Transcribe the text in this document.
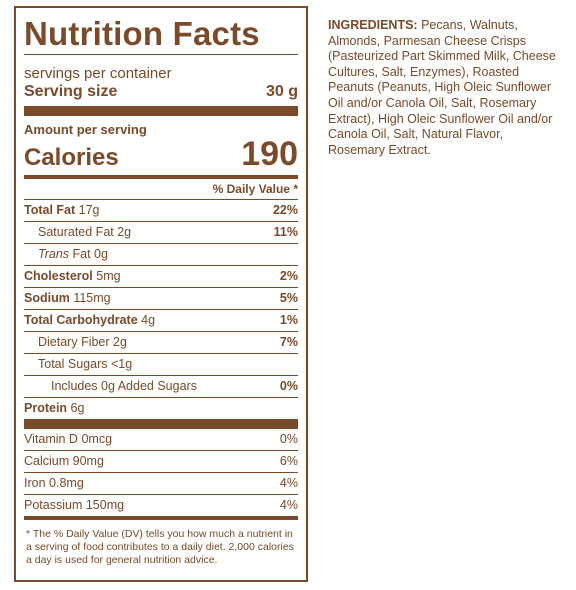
Nutrition Facts
servings per container
Serving size	30 g
Amount per serving
Calories	190
% Daily Value *
Total Fat 17g	22%
Saturated Fat 2g	11%
Trans Fat 0g
Cholesterol 5mg	2%
Sodium 115mg	5%
Total Carbohydrate 4g	1%
Dietary Fiber 2g	7%
Total Sugars <1g
Includes 0g Added Sugars	0%
Protein 6g
Vitamin D 0mcg	0%
Calcium 90mg	6%
Iron 0.8mg	4%
Potassium 150mg	4%
* The % Daily Value (DV) tells you how much a nutrient in a serving of food contributes to a daily diet. 2,000 calories a day is used for general nutrition advice.
INGREDIENTS: Pecans, Walnuts, Almonds, Parmesan Cheese Crisps (Pasteurized Part Skimmed Milk, Cheese Cultures, Salt, Enzymes), Roasted Peanuts (Peanuts, High Oleic Sunflower Oil and/or Canola Oil, Salt, Rosemary Extract), High Oleic Sunflower Oil and/or Canola Oil, Salt, Natural Flavor, Rosemary Extract.
